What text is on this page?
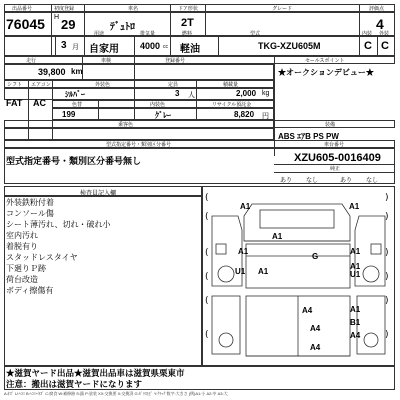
出品番号	初度登録	車名	ドア形状	グレード	評価点
76045 H 29	ﾃﾞｭﾄﾛ	2T	4
用途	排気量	燃料	型式	内装 外装
3 月 自家用 4000 cc 軽油	TKG-XZU605M	C C
走行	車検	登録番号	セールスポイント
39,800 km	★オークションデビュー★
シフト エアコン	外装色	定員	積載量
FAT AC
ｼﾙﾊﾞｰ	3 人	2,000 kg
色替	内装色	リサイクル預託金
199	ｸﾞﾚｰ	8,820 円
乗客色	装備
ABS ｴｱB PS PW
型式指定番号・類別区分番号	車台番号
型式指定番号・類別区分番号無し	XZU605-0016409
純正
あり なし	あり なし
検査員記入欄
外装鉄粉付着
コンソール傷
シート薄汚れ、切れ・破れ小
室内汚れ
着脱有り
スタッドレスタイヤ
下廻りＰ跡
荷台改造
ボディ擦傷有
(	)
(	)
(	)
(	)
(	)
(	)
A1	A1
A1
A1	A1
G
U1 A1
A1
U1
A1
A4
A4
B1
A4
A4
★滋賀ヤード出品★滋賀出品車は滋賀県栗東市
注意：搬出は滋賀ヤードになります
A:ｷｽﾞ U:ﾍｺﾐ B:ﾍｺﾐ+ｷｽﾞ C:腐食 W:補修跡 S:錆 P:塗装 XX:交換要 X:交換済 G:ｶﾞﾗｽﾋﾋﾞ Y:ｸﾗｯｸ 数字:大きさ (例)A1:小 A2:中 A3:大
